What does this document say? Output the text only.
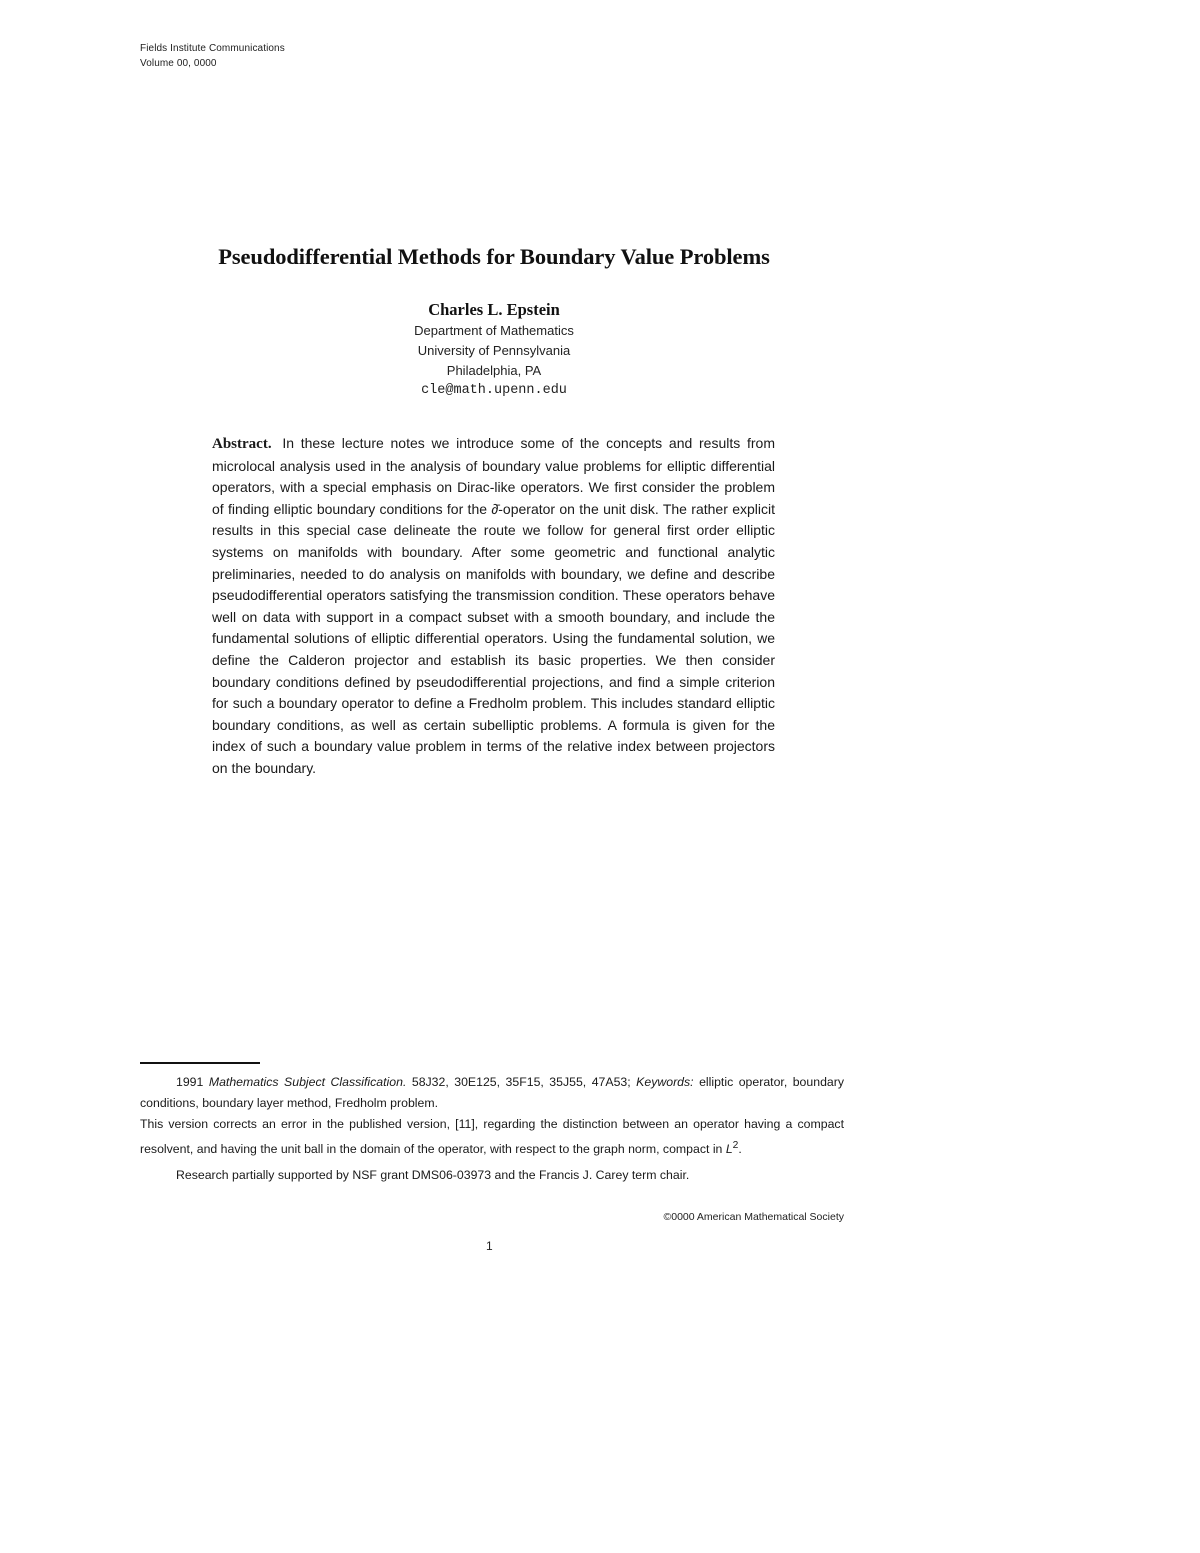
Fields Institute Communications
Volume 00, 0000
Pseudodifferential Methods for Boundary Value Problems
Charles L. Epstein
Department of Mathematics
University of Pennsylvania
Philadelphia, PA
cle@math.upenn.edu

Abstract. In these lecture notes we introduce some of the concepts and results from microlocal analysis used in the analysis of boundary value problems for elliptic differential operators, with a special emphasis on Dirac-like operators. We first consider the problem of finding elliptic boundary conditions for the ∂̄-operator on the unit disk. The rather explicit results in this special case delineate the route we follow for general first order elliptic systems on manifolds with boundary. After some geometric and functional analytic preliminaries, needed to do analysis on manifolds with boundary, we define and describe pseudodifferential operators satisfying the transmission condition. These operators behave well on data with support in a compact subset with a smooth boundary, and include the fundamental solutions of elliptic differential operators. Using the fundamental solution, we define the Calderon projector and establish its basic properties. We then consider boundary conditions defined by pseudodifferential projections, and find a simple criterion for such a boundary operator to define a Fredholm problem. This includes standard elliptic boundary conditions, as well as certain subelliptic problems. A formula is given for the index of such a boundary value problem in terms of the relative index between projectors on the boundary.

1991 Mathematics Subject Classification. 58J32, 30E125, 35F15, 35J55, 47A53; Keywords: elliptic operator, boundary conditions, boundary layer method, Fredholm problem.

This version corrects an error in the published version, [11], regarding the distinction between an operator having a compact resolvent, and having the unit ball in the domain of the operator, with respect to the graph norm, compact in $L^2$.

Research partially supported by NSF grant DMS06-03973 and the Francis J. Carey term chair.

©0000 American Mathematical Society
1
